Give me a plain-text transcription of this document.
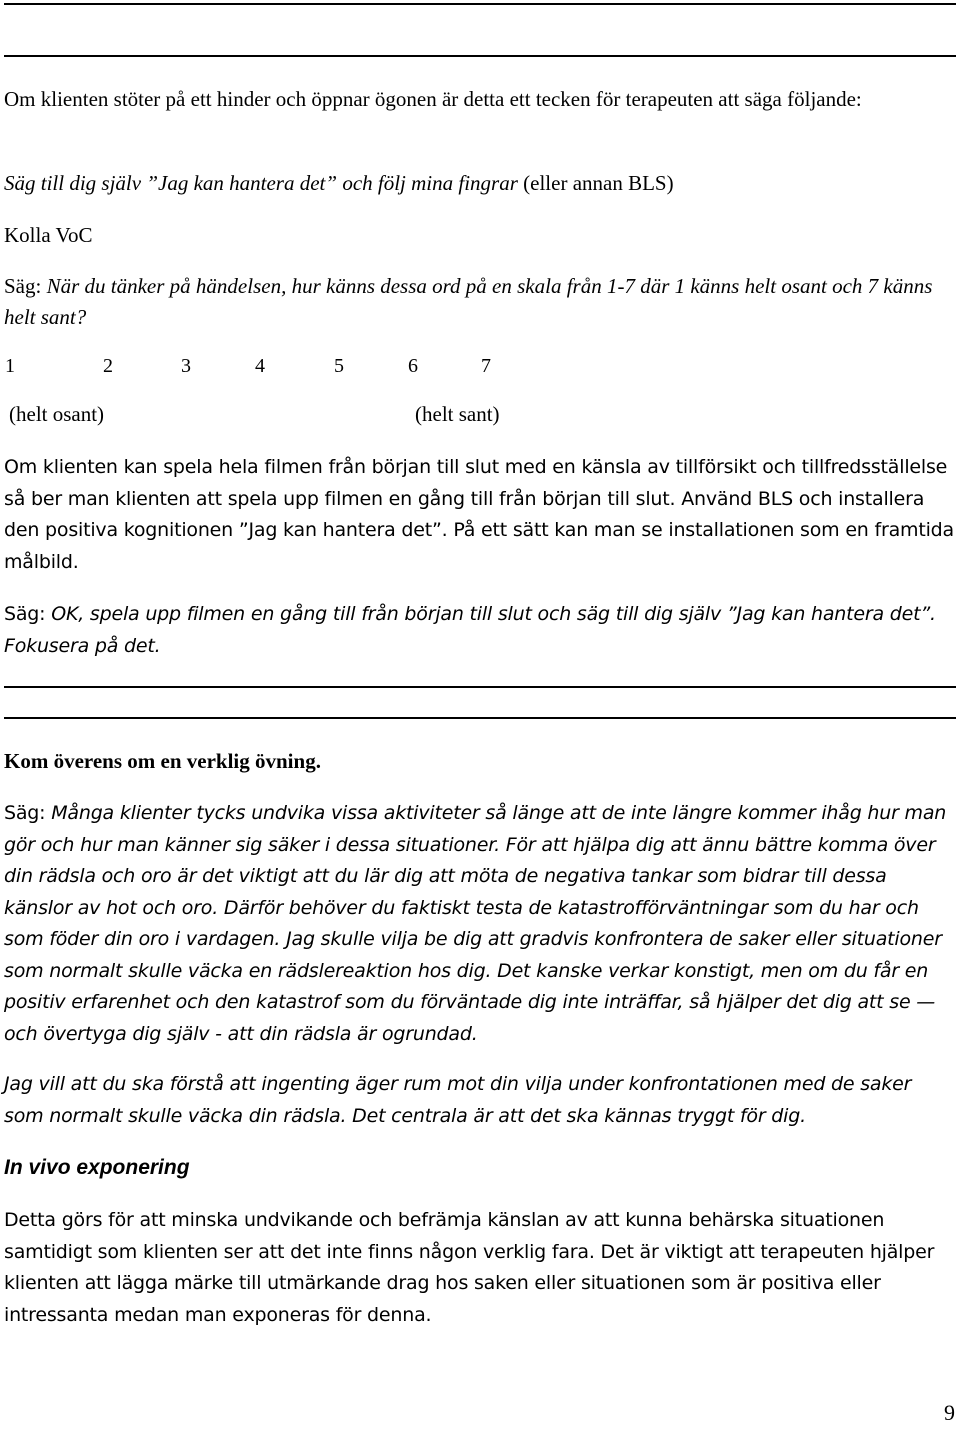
Om klienten stöter på ett hinder och öppnar ögonen är detta ett tecken för terapeuten att säga följande:

Säg till dig själv ”Jag kan hantera det” och följ mina fingrar (eller annan BLS)

Kolla VoC

Säg: När du tänker på händelsen, hur känns dessa ord på en skala från 1-7 där 1 känns helt osant och 7 känns helt sant?

1	2	3	4	5	6	7
(helt osant)	(helt sant)

Om klienten kan spela hela filmen från början till slut med en känsla av tillförsikt och tillfredsställelse så ber man klienten att spela upp filmen en gång till från början till slut. Använd BLS och installera den positiva kognitionen ”Jag kan hantera det”. På ett sätt kan man se installationen som en framtida målbild.

Säg: OK, spela upp filmen en gång till från början till slut och säg till dig själv ”Jag kan hantera det”. Fokusera på det.

Kom överens om en verklig övning.

Säg: Många klienter tycks undvika vissa aktiviteter så länge att de inte längre kommer ihåg hur man gör och hur man känner sig säker i dessa situationer. För att hjälpa dig att ännu bättre komma över din rädsla och oro är det viktigt att du lär dig att möta de negativa tankar som bidrar till dessa känslor av hot och oro. Därför behöver du faktiskt testa de katastrofförväntningar som du har och som föder din oro i vardagen. Jag skulle vilja be dig att gradvis konfrontera de saker eller situationer som normalt skulle väcka en rädslereaktion hos dig. Det kanske verkar konstigt, men om du får en positiv erfarenhet och den katastrof som du förväntade dig inte inträffar, så hjälper det dig att se — och övertyga dig själv - att din rädsla är ogrundad.

Jag vill att du ska förstå att ingenting äger rum mot din vilja under konfrontationen med de saker som normalt skulle väcka din rädsla. Det centrala är att det ska kännas tryggt för dig.

In vivo exponering

Detta görs för att minska undvikande och befrämja känslan av att kunna behärska situationen samtidigt som klienten ser att det inte finns någon verklig fara. Det är viktigt att terapeuten hjälper klienten att lägga märke till utmärkande drag hos saken eller situationen som är positiva eller intressanta medan man exponeras för denna.

9
